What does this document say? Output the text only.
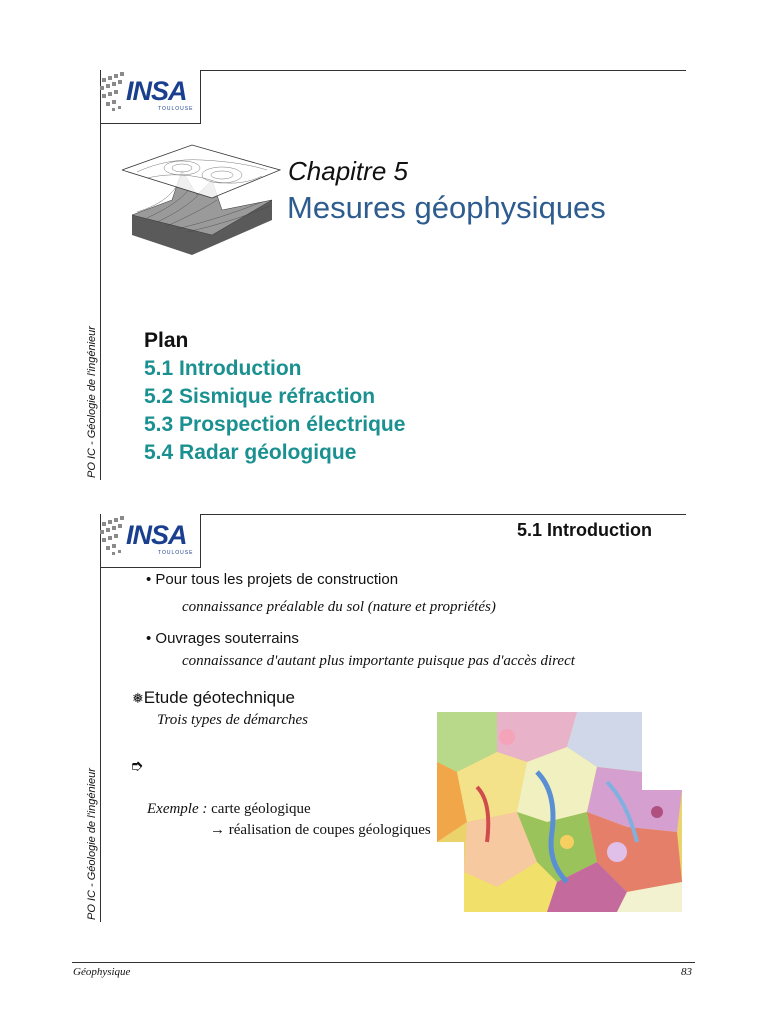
INSA
TOULOUSE
PO IC - Géologie de l'ingénieur
Chapitre 5
Mesures géophysiques
Plan
5.1 Introduction
5.2 Sismique réfraction
5.3 Prospection électrique
5.4 Radar géologique
INSA
TOULOUSE
PO IC - Géologie de l'ingénieur
5.1 Introduction
• Pour tous les projets de construction
connaissance préalable du sol (nature et propriétés)
• Ouvrages souterrains
connaissance d'autant plus importante puisque pas d'accès direct
❅Etude géotechnique
Trois types de démarches
➮
Exemple : carte géologique
→ réalisation de coupes géologiques
Géophysique	83
